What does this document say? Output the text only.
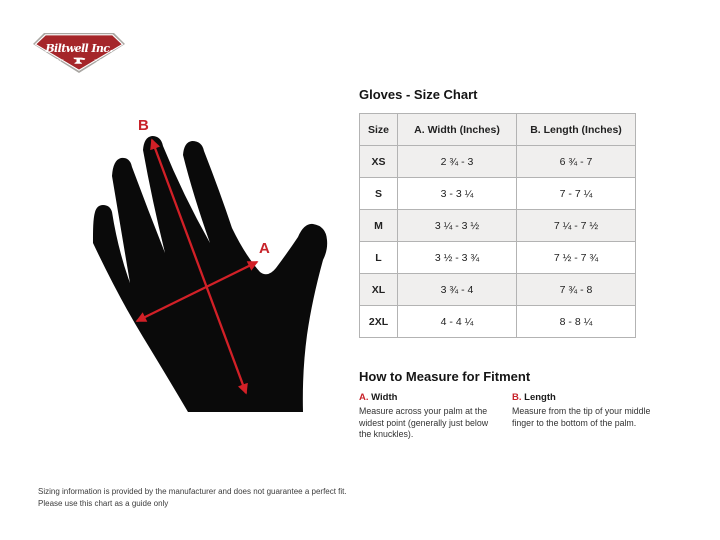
Biltwell Inc.
"QUALITY"	"COUNTS"
A
B
Gloves - Size Chart
Size	A. Width (Inches)	B. Length (Inches)
XS	2 ¾ - 3	6 ¾ - 7
S	3 - 3 ¼	7 - 7 ¼
M	3 ¼ - 3 ½	7 ¼ - 7 ½
L	3 ½ - 3 ¾	7 ½ - 7 ¾
XL	3 ¾ - 4	7 ¾ - 8
2XL	4 - 4 ¼	8 - 8 ¼
How to Measure for Fitment
A. Width
Measure across your palm at the widest point (generally just below the knuckles).
B. Length
Measure from the tip of your middle finger to the bottom of the palm.
Sizing information is provided by the manufacturer and does not guarantee a perfect fit.
Please use this chart as a guide only
